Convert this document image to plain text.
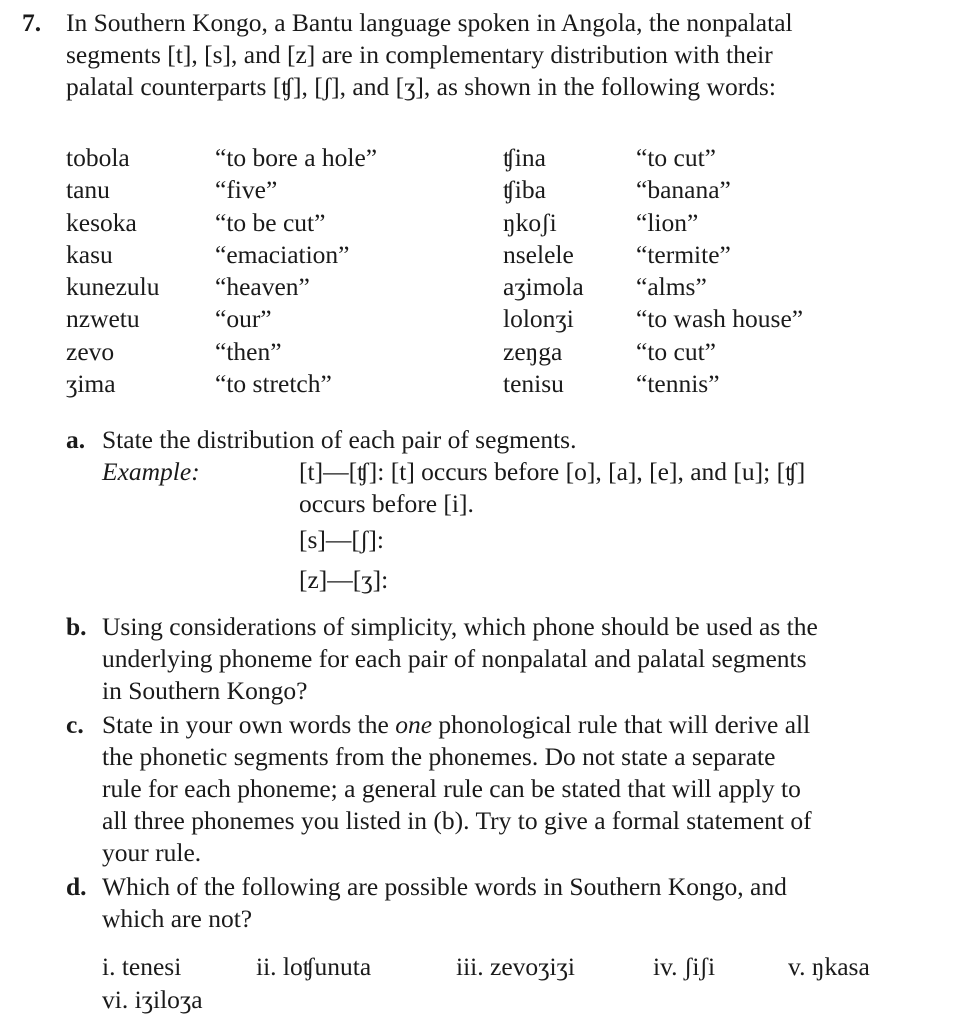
7. In Southern Kongo, a Bantu language spoken in Angola, the nonpalatal
segments [t], [s], and [z] are in complementary distribution with their
palatal counterparts [ʧ], [ʃ], and [ʒ], as shown in the following words:
tobola	“to bore a hole”	ʧina	“to cut”
tanu	“five”	ʧiba	“banana”
kesoka	“to be cut”	ŋkoʃi	“lion”
kasu	“emaciation”	nselele “termite”
kunezulu “heaven”	aʒimola “alms”
nzwetu	“our”	lolonʒi “to wash house”
zevo	“then”	zeŋga	“to cut”
ʒima	“to stretch”	tenisu	“tennis”
a. State the distribution of each pair of segments.
Example:	[t]—[ʧ]: [t] occurs before [o], [a], [e], and [u]; [ʧ]
occurs before [i].
[s]—[ʃ]:
[z]—[ʒ]:
b. Using considerations of simplicity, which phone should be used as the
underlying phoneme for each pair of nonpalatal and palatal segments
in Southern Kongo?
c. State in your own words the one phonological rule that will derive all
the phonetic segments from the phonemes. Do not state a separate
rule for each phoneme; a general rule can be stated that will apply to
all three phonemes you listed in (b). Try to give a formal statement of
your rule.
d. Which of the following are possible words in Southern Kongo, and
which are not?
i. tenesi	ii. loʧunuta	iii. zevoʒiʒi	iv. ʃiʃi	v. ŋkasa
vi. iʒiloʒa
